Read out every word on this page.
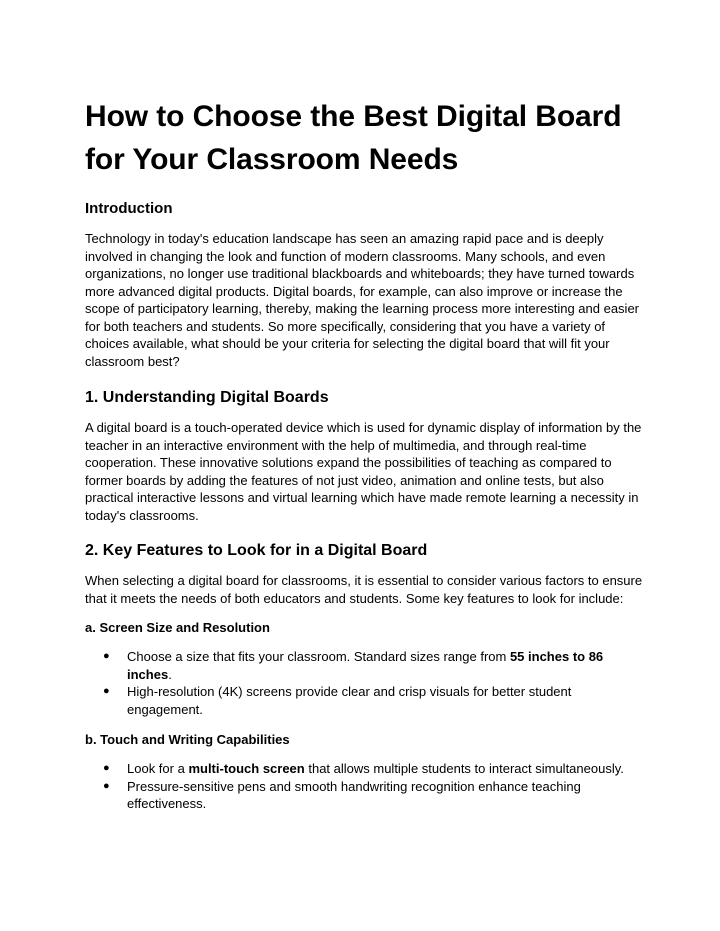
How to Choose the Best Digital Board for Your Classroom Needs
Introduction

Technology in today's education landscape has seen an amazing rapid pace and is deeply involved in changing the look and function of modern classrooms. Many schools, and even organizations, no longer use traditional blackboards and whiteboards; they have turned towards more advanced digital products. Digital boards, for example, can also improve or increase the scope of participatory learning, thereby, making the learning process more interesting and easier for both teachers and students. So more specifically, considering that you have a variety of choices available, what should be your criteria for selecting the digital board that will fit your classroom best?

1. Understanding Digital Boards

A digital board is a touch-operated device which is used for dynamic display of information by the teacher in an interactive environment with the help of multimedia, and through real-time cooperation. These innovative solutions expand the possibilities of teaching as compared to former boards by adding the features of not just video, animation and online tests, but also practical interactive lessons and virtual learning which have made remote learning a necessity in today's classrooms.

2. Key Features to Look for in a Digital Board

When selecting a digital board for classrooms, it is essential to consider various factors to ensure that it meets the needs of both educators and students. Some key features to look for include:

a. Screen Size and Resolution
● Choose a size that fits your classroom. Standard sizes range from 55 inches to 86 inches.
● High-resolution (4K) screens provide clear and crisp visuals for better student engagement.
b. Touch and Writing Capabilities
● Look for a multi-touch screen that allows multiple students to interact simultaneously.
● Pressure-sensitive pens and smooth handwriting recognition enhance teaching effectiveness.
